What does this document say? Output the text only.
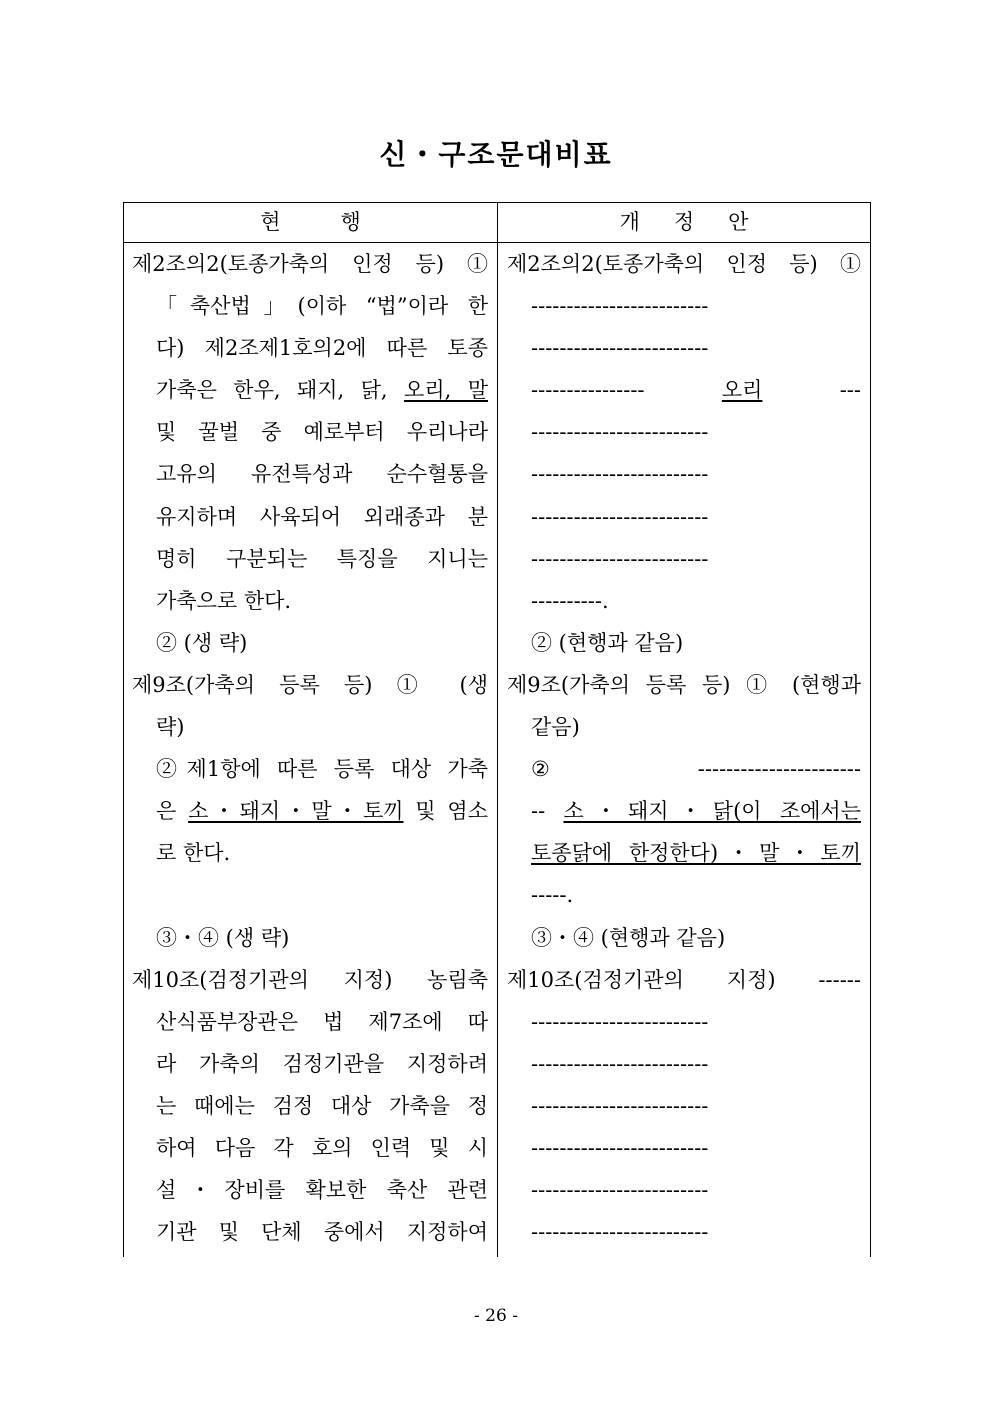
신・구조문대비표
현행	개정안
제2조의2(토종가축의 인정 등) ①
「축산법」(이하 “법”이라 한
다) 제2조제1호의2에 따른 토종
가축은 한우, 돼지, 닭, 오리, 말
및 꿀벌 중 예로부터 우리나라
고유의 유전특성과 순수혈통을
유지하며 사육되어 외래종과 분
명히 구분되는 특징을 지니는
가축으로 한다.
② (생 략)
제9조(가축의 등록 등) ① (생
략)
②제1항에 따른 등록 대상 가축
은 소・돼지・말・토끼 및 염소
로 한다.
③・④ (생 략)
제10조(검정기관의 지정) 농림축
산식품부장관은 법 제7조에 따
라 가축의 검정기관을 지정하려
는 때에는 검정 대상 가축을 정
하여 다음 각 호의 인력 및 시
설・장비를 확보한 축산 관련
기관 및 단체 중에서 지정하여
제2조의2(토종가축의 인정 등) ①
-------------------------
-------------------------
---------------- 오리 ---
-------------------------
-------------------------
-------------------------
-------------------------
----------.
② (현행과 같음)
제9조(가축의 등록 등) ① (현행과
같음)
②-----------------------
-- 소・돼지・닭(이 조에서는
토종닭에 한정한다)・말・토끼
-----.
③・④ (현행과 같음)
제10조(검정기관의 지정) ------
-------------------------
-------------------------
-------------------------
-------------------------
-------------------------
-------------------------
- 26 -
